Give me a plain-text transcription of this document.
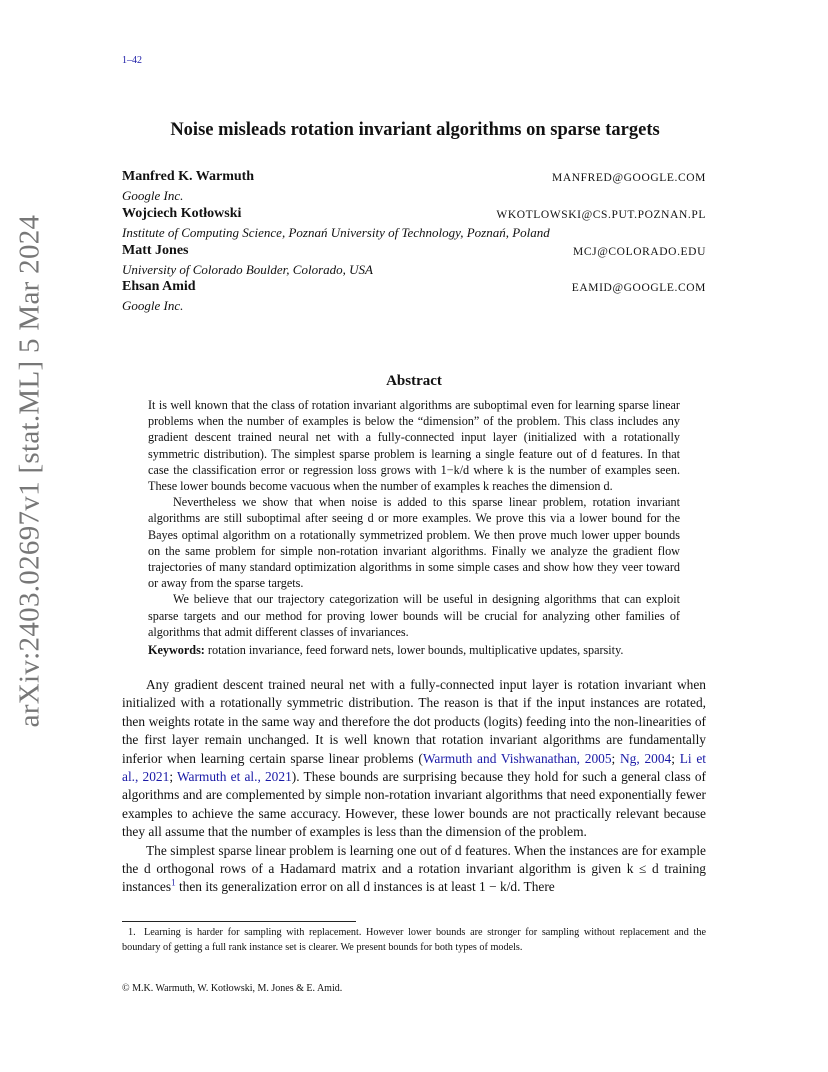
1–42
arXiv:2403.02697v1 [stat.ML] 5 Mar 2024
Noise misleads rotation invariant algorithms on sparse targets
Manfred K. Warmuth	MANFRED@GOOGLE.COM
Google Inc.
Wojciech Kotłowski	WKOTLOWSKI@CS.PUT.POZNAN.PL
Institute of Computing Science, Poznań University of Technology, Poznań, Poland
Matt Jones	MCJ@COLORADO.EDU
University of Colorado Boulder, Colorado, USA
Ehsan Amid	EAMID@GOOGLE.COM
Google Inc.
Abstract

It is well known that the class of rotation invariant algorithms are suboptimal even for learning sparse linear problems when the number of examples is below the “dimension” of the problem. This class includes any gradient descent trained neural net with a fully-connected input layer (initialized with a rotationally symmetric distribution). The simplest sparse problem is learning a single feature out of d features. In that case the classification error or regression loss grows with 1−k/d where k is the number of examples seen. These lower bounds become vacuous when the number of examples k reaches the dimension d.

Nevertheless we show that when noise is added to this sparse linear problem, rotation invariant algorithms are still suboptimal after seeing d or more examples. We prove this via a lower bound for the Bayes optimal algorithm on a rotationally symmetrized problem. We then prove much lower upper bounds on the same problem for simple non-rotation invariant algorithms. Finally we analyze the gradient flow trajectories of many standard optimization algorithms in some simple cases and show how they veer toward or away from the sparse targets.

We believe that our trajectory categorization will be useful in designing algorithms that can exploit sparse targets and our method for proving lower bounds will be crucial for analyzing other families of algorithms that admit different classes of invariances.

Keywords: rotation invariance, feed forward nets, lower bounds, multiplicative updates, sparsity.

Any gradient descent trained neural net with a fully-connected input layer is rotation invariant when initialized with a rotationally symmetric distribution. The reason is that if the input instances are rotated, then weights rotate in the same way and therefore the dot products (logits) feeding into the non-linearities of the first layer remain unchanged. It is well known that rotation invariant algorithms are fundamentally inferior when learning certain sparse linear problems (Warmuth and Vishwanathan, 2005; Ng, 2004; Li et al., 2021; Warmuth et al., 2021). These bounds are surprising because they hold for such a general class of algorithms and are complemented by simple non-rotation invariant algorithms that need exponentially fewer examples to achieve the same accuracy. However, these lower bounds are not practically relevant because they all assume that the number of examples is less than the dimension of the problem.

The simplest sparse linear problem is learning one out of d features. When the instances are for example the d orthogonal rows of a Hadamard matrix and a rotation invariant algorithm is given k ≤ d training instances$^1$ then its generalization error on all d instances is at least 1 − k/d. There

1. Learning is harder for sampling with replacement. However lower bounds are stronger for sampling without replacement and the boundary of getting a full rank instance set is clearer. We present bounds for both types of models.
© M.K. Warmuth, W. Kotłowski, M. Jones & E. Amid.
